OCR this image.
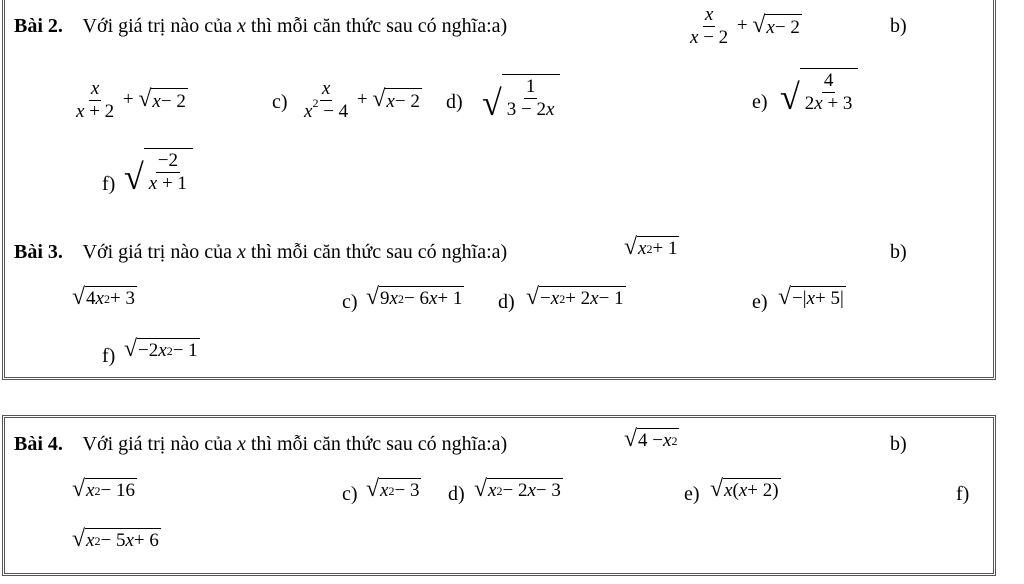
Bài 2. Với giá trị nào của x thì mỗi căn thức sau có nghĩa:a)	$\frac{x}{x - 2}$ + √ x − 2	b)
$\frac{x}{x + 2}$ + √ x − 2	$c) \frac{x}{x^2 - 4}$ + √ x − 2 d) √ $\frac{1}{3 - 2x}$	e) √ $\frac{4}{2x + 3}$
f) √ $\frac{-2}{x + 1}$
Bài 3. Với giá trị nào của x thì mỗi căn thức sau có nghĩa:a)	√ x 2 + 1	b)
√ 4 x 2 + 3	c) √ 9 x 2 − 6 x + 1 d) √ − x 2 + 2 x − 1	e) √ −| x + 5|
f) √ −2 x 2 − 1
Bài 4. Với giá trị nào của x thì mỗi căn thức sau có nghĩa:a)	√ 4 − x 2	b)
√ x 2 − 16	c) √ x 2 − 3 d) √ x 2 − 2 x − 3	e) √ x ( x + 2)	f)
√ x 2 − 5 x + 6
